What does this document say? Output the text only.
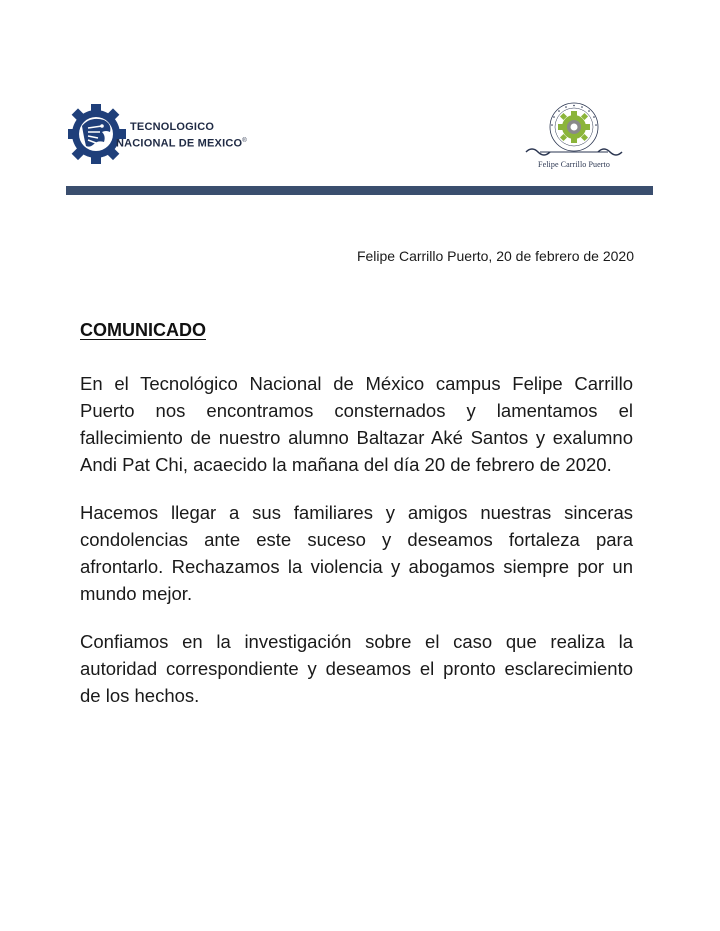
TECNOLOGICO
NACIONAL DE MEXICO®
Felipe Carrillo Puerto
Felipe Carrillo Puerto, 20 de febrero de 2020
COMUNICADO

En el Tecnológico Nacional de México campus Felipe Carrillo Puerto nos encontramos consternados y lamentamos el fallecimiento de nuestro alumno Baltazar Aké Santos y exalumno Andi Pat Chi, acaecido la mañana del día 20 de febrero de 2020.

Hacemos llegar a sus familiares y amigos nuestras sinceras condolencias ante este suceso y deseamos fortaleza para afrontarlo. Rechazamos la violencia y abogamos siempre por un mundo mejor.

Confiamos en la investigación sobre el caso que realiza la autoridad correspondiente y deseamos el pronto esclarecimiento de los hechos.
